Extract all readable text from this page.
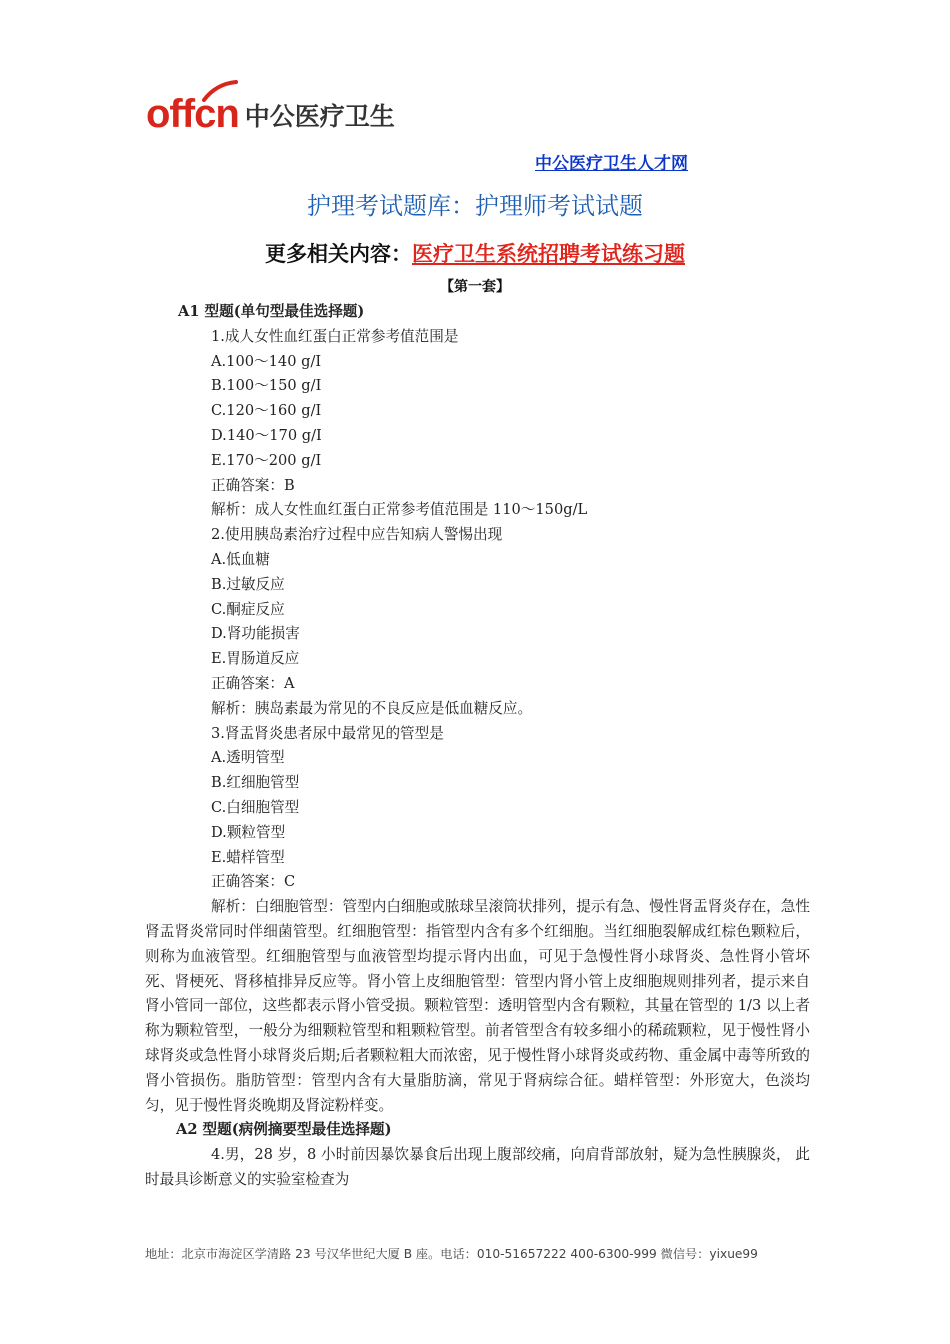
offcn 中公医疗卫生
中公医疗卫生人才网
护理考试题库：护理师考试试题
更多相关内容：医疗卫生系统招聘考试练习题
【第一套】
A1 型题(单句型最佳选择题)
1.成人女性血红蛋白正常参考值范围是
A.100～140 g/I
B.100～150 g/I
C.120～160 g/I
D.140～170 g/I
E.170～200 g/I
正确答案：B
解析：成人女性血红蛋白正常参考值范围是 110～150g/L
2.使用胰岛素治疗过程中应告知病人警惕出现
A.低血糖
B.过敏反应
C.酮症反应
D.肾功能损害
E.胃肠道反应
正确答案：A
解析：胰岛素最为常见的不良反应是低血糖反应。
3.肾盂肾炎患者尿中最常见的管型是
A.透明管型
B.红细胞管型
C.白细胞管型
D.颗粒管型
E.蜡样管型
正确答案：C
解析：白细胞管型：管型内白细胞或脓球呈滚筒状排列，提示有急、慢性肾盂肾炎存在，急性肾盂肾炎常同时伴细菌管型。红细胞管型：指管型内含有多个红细胞。当红细胞裂解成红棕色颗粒后，则称为血液管型。红细胞管型与血液管型均提示肾内出血，可见于急慢性肾小球肾炎、急性肾小管坏死、肾梗死、肾移植排异反应等。肾小管上皮细胞管型：管型内肾小管上皮细胞规则排列者，提示来自肾小管同一部位，这些都表示肾小管受损。颗粒管型：透明管型内含有颗粒，其量在管型的 1/3 以上者称为颗粒管型，一般分为细颗粒管型和粗颗粒管型。前者管型含有较多细小的稀疏颗粒，见于慢性肾小球肾炎或急性肾小球肾炎后期;后者颗粒粗大而浓密，见于慢性肾小球肾炎或药物、重金属中毒等所致的肾小管损伤。脂肪管型：管型内含有大量脂肪滴，常见于肾病综合征。蜡样管型：外形宽大，色淡均匀，见于慢性肾炎晚期及肾淀粉样变。
A2 型题(病例摘要型最佳选择题)
4.男，28 岁，8 小时前因暴饮暴食后出现上腹部绞痛，向肩背部放射，疑为急性胰腺炎， 此时最具诊断意义的实验室检查为
地址：北京市海淀区学清路 23 号汉华世纪大厦 B 座。电话：010-51657222 400-6300-999 微信号：yixue99
